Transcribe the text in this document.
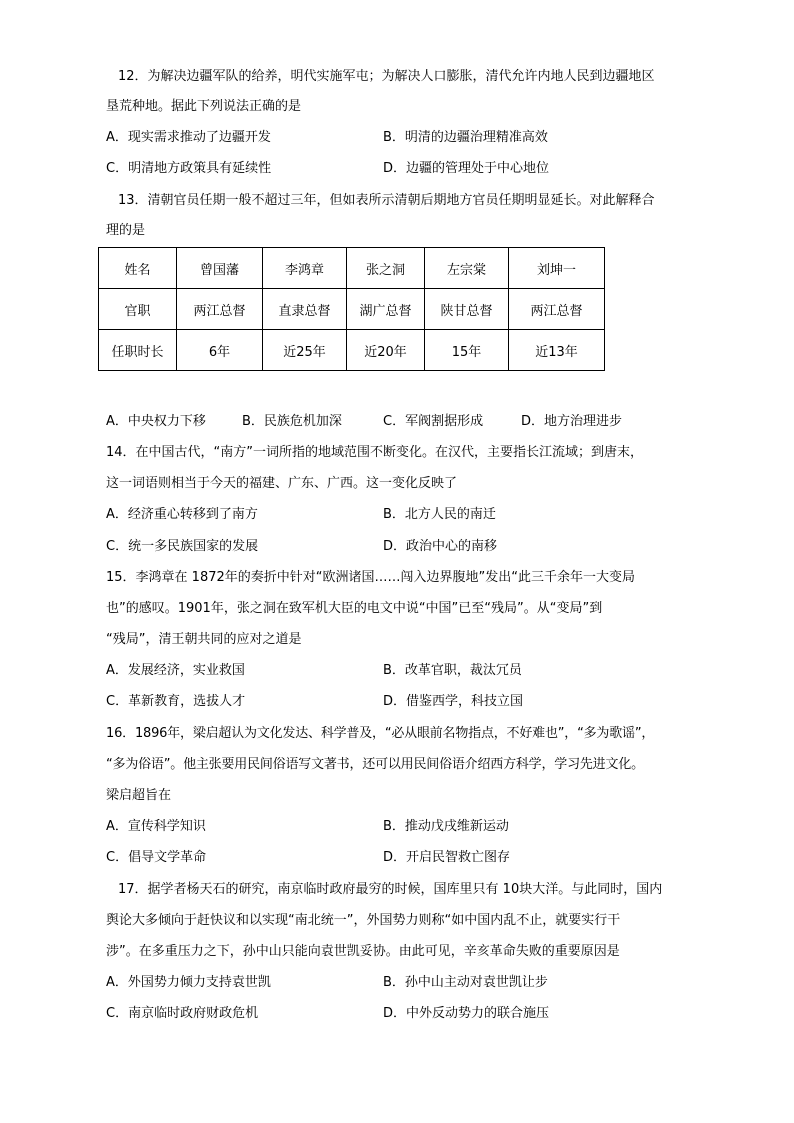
12．为解决边疆军队的给养，明代实施军屯；为解决人口膨胀，清代允许内地人民到边疆地区
垦荒种地。据此下列说法正确的是
A．现实需求推动了边疆开发	B．明清的边疆治理精准高效
C．明清地方政策具有延续性	D．边疆的管理处于中心地位
13．清朝官员任期一般不超过三年，但如表所示清朝后期地方官员任期明显延长。对此解释合
理的是
姓名	曾国藩	李鸿章	张之洞	左宗棠	刘坤一
官职	两江总督	直隶总督	湖广总督	陕甘总督	两江总督
任职时长	6年	近25年	近20年	15年	近13年
A．中央权力下移	B．民族危机加深	C．军阀割据形成	D．地方治理进步
14．在中国古代，“南方”一词所指的地域范围不断变化。在汉代，主要指长江流域；到唐末，
这一词语则相当于今天的福建、广东、广西。这一变化反映了
A．经济重心转移到了南方	B．北方人民的南迁
C．统一多民族国家的发展	D．政治中心的南移
15．李鸿章在 1872年的奏折中针对“欧洲诸国……闯入边界腹地”发出“此三千余年一大变局
也”的感叹。1901年，张之洞在致军机大臣的电文中说“中国”已至“残局”。从“变局”到
“残局”，清王朝共同的应对之道是
A．发展经济，实业救国	B．改革官职，裁汰冗员
C．革新教育，选拔人才	D．借鉴西学，科技立国
16．1896年，梁启超认为文化发达、科学普及，“必从眼前名物指点，不好难也”，“多为歌谣”，
“多为俗语”。他主张要用民间俗语写文著书，还可以用民间俗语介绍西方科学，学习先进文化。
梁启超旨在
A．宣传科学知识	B．推动戊戌维新运动
C．倡导文学革命	D．开启民智救亡图存
17．据学者杨天石的研究，南京临时政府最穷的时候，国库里只有 10块大洋。与此同时，国内
舆论大多倾向于赶快议和以实现“南北统一”，外国势力则称“如中国内乱不止，就要实行干
涉”。在多重压力之下，孙中山只能向袁世凯妥协。由此可见，辛亥革命失败的重要原因是
A．外国势力倾力支持袁世凯	B．孙中山主动对袁世凯让步
C．南京临时政府财政危机	D．中外反动势力的联合施压
